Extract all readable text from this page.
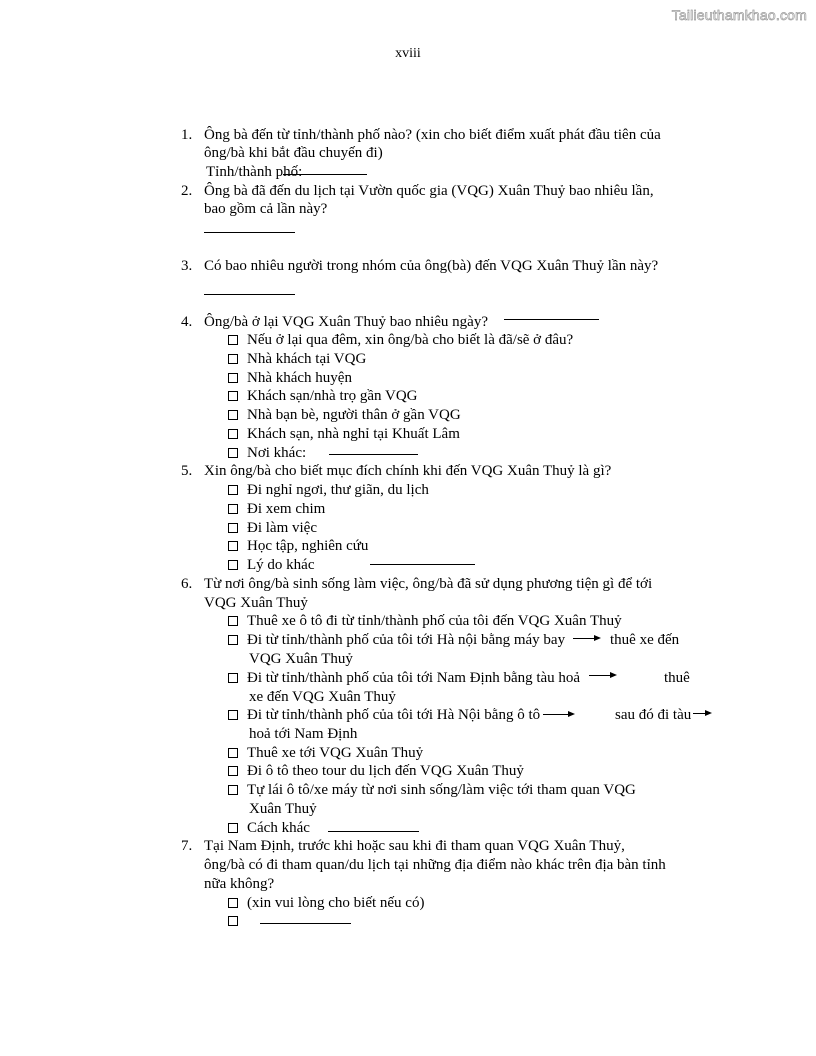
Tailieuthamkhao.com
xviii
1. Ông bà đến từ tỉnh/thành phố nào? (xin cho biết điểm xuất phát đầu tiên của
ông/bà khi bắt đầu chuyến đi)
Tỉnh/thành phố:
2. Ông bà đã đến du lịch tại Vườn quốc gia (VQG) Xuân Thuỷ bao nhiêu lần,
bao gồm cả lần này?
3. Có bao nhiêu người trong nhóm của ông(bà) đến VQG Xuân Thuỷ lần này?
4. Ông/bà ở lại VQG Xuân Thuỷ bao nhiêu ngày?
Nếu ở lại qua đêm, xin ông/bà cho biết là đã/sẽ ở đâu?
Nhà khách tại VQG
Nhà khách huyện
Khách sạn/nhà trọ gần VQG
Nhà bạn bè, người thân ở gần VQG
Khách sạn, nhà nghỉ tại Khuất Lâm
Nơi khác:
5. Xin ông/bà cho biết mục đích chính khi đến VQG Xuân Thuỷ là gì?
Đi nghỉ ngơi, thư giãn, du lịch
Đi xem chim
Đi làm việc
Học tập, nghiên cứu
Lý do khác
6. Từ nơi ông/bà sinh sống làm việc, ông/bà đã sử dụng phương tiện gì để tới
VQG Xuân Thuỷ
Thuê xe ô tô đi từ tỉnh/thành phố của tôi đến VQG Xuân Thuỷ
Đi từ tỉnh/thành phố của tôi tới Hà nội bằng máy bay	thuê xe đến
VQG Xuân Thuỷ
Đi từ tỉnh/thành phố của tôi tới Nam Định bằng tàu hoả	thuê
xe đến VQG Xuân Thuỷ
Đi từ tỉnh/thành phố của tôi tới Hà Nội bằng ô tô	sau đó đi tàu
hoả tới Nam Định
Thuê xe tới VQG Xuân Thuỷ
Đi ô tô theo tour du lịch đến VQG Xuân Thuỷ
Tự lái ô tô/xe máy từ nơi sinh sống/làm việc tới tham quan VQG
Xuân Thuỷ
Cách khác
7. Tại Nam Định, trước khi hoặc sau khi đi tham quan VQG Xuân Thuỷ,
ông/bà có đi tham quan/du lịch tại những địa điểm nào khác trên địa bàn tỉnh
nữa không?
(xin vui lòng cho biết nếu có)
